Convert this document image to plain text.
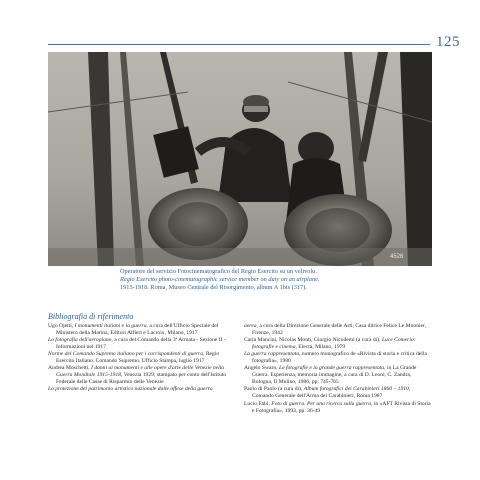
125
4526
Operatore del servizio Fotocinematografico del Regio Esercito su un velivolo.
Regio Esercito photo-cinematographic service member on duty on an airplane.
1915-1918. Roma, Museo Centrale del Risorgimento, album A 1bis (317).
Bibliografia di riferimento

Ugo Ojetti, I monumenti italiani e la guerra, a cura dell'Ufficio Speciale del Ministero della Marina, Editori Alfieri e Lacroix, Milano, 1917

La fotografia dell'aeroplano, a cura del Comando della 3ª Armata - Sezione II - Informazioni nel 1917

Norme del Comando Supremo italiano per i corrispondenti di guerra, Regio Esercito Italiano. Comando Supremo. Ufficio Stampa, luglio 1917

Andrea Moschetti, I danni ai monumenti e alle opere d'arte delle Venezie nella Guerra Mondiale 1915-1918, Venezia 1929; stampato per conto dell'Istituto Federale delle Casse di Risparmio delle Venezie

La protezione del patrimonio artistico nazionale dalle offese della guerra

aerea, a cura della Direzione Generale delle Arti, Casa ditrice Felice Le Monnier, Firenze, 1942

Carla Mancini, Nicolas Monti, Giorgio Nicodemi (a cura di), Luce Comerio: fotografie e cinema, Electa, Milano, 1979

La guerra rappresentata, numero monografico de «Rivista di storia e critica della fotografia», 1980

Angelo Swarn, Le fotografie e la grande guerra rappresentata, in La Grande Guerra. Esperienza, memoria immagine, a cura di D. Leoni, C. Zandra, Bologna, Il Mulino, 1986, pp. 745-765

Paolo di Paolo (a cura di), Album fotografici dei Carabinieri 1860 – 1910, Comando Generale dell'Arma dei Carabinieri, Roma 1987

Lucio Fabi, Foto di guerra. Per una ricerca sulla guerra, in «AFT Rivista di Storia e Fotografia», 1993, pp. 36-49
